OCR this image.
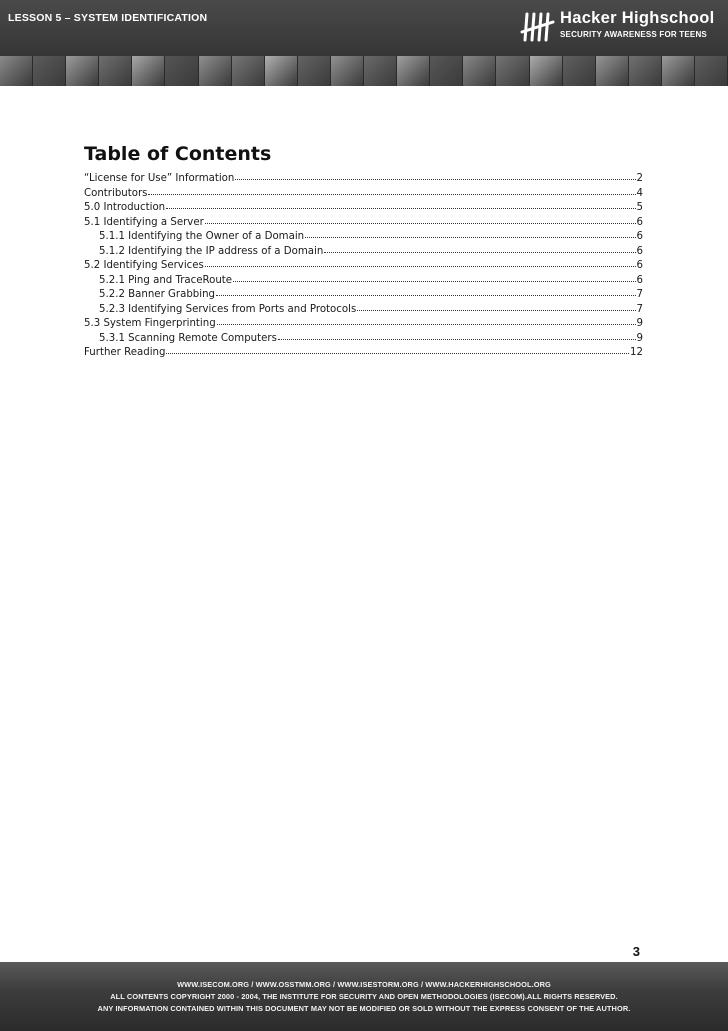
LESSON 5 – SYSTEM IDENTIFICATION	Hacker Highschool
SECURITY AWARENESS FOR TEENS
Table of Contents
“License for Use” Information	2
Contributors	4
5.0 Introduction	5
5.1 Identifying a Server	6
5.1.1 Identifying the Owner of a Domain	6
5.1.2 Identifying the IP address of a Domain	6
5.2 Identifying Services	6
5.2.1 Ping and TraceRoute	6
5.2.2 Banner Grabbing	7
5.2.3 Identifying Services from Ports and Protocols	7
5.3 System Fingerprinting	9
5.3.1 Scanning Remote Computers	9
Further Reading	12
3
WWW.ISECOM.ORG / WWW.OSSTMM.ORG / WWW.ISESTORM.ORG / WWW.HACKERHIGHSCHOOL.ORG
ALL CONTENTS COPYRIGHT 2000 - 2004, THE INSTITUTE FOR SECURITY AND OPEN METHODOLOGIES (ISECOM).ALL RIGHTS RESERVED.
ANY INFORMATION CONTAINED WITHIN THIS DOCUMENT MAY NOT BE MODIFIED OR SOLD WITHOUT THE EXPRESS CONSENT OF THE AUTHOR.
